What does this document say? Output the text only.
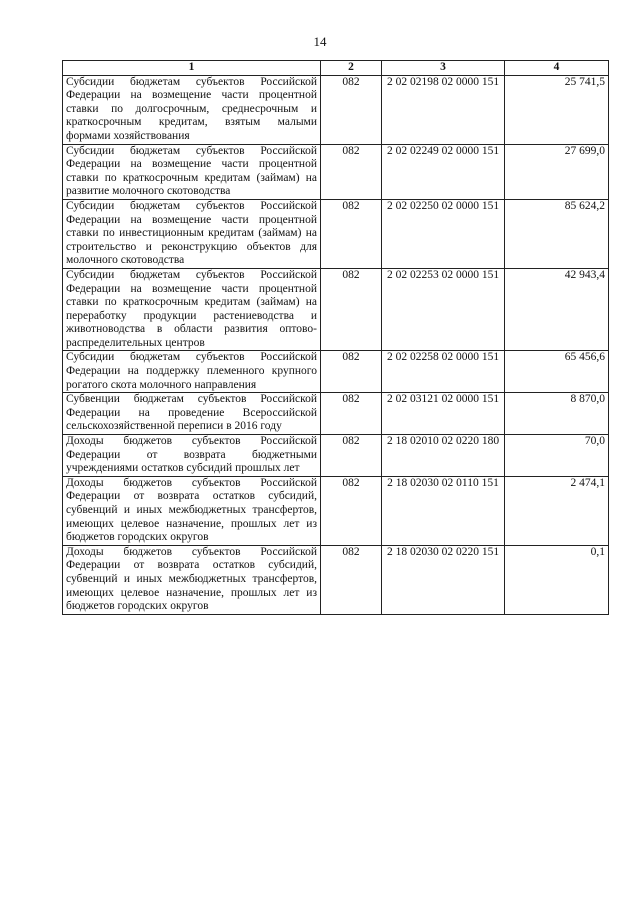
14
1	2	3	4
Субсидии бюджетам субъектов Российской Федерации на возмещение части процентной ставки по долгосрочным, среднесрочным и краткосрочным кредитам, взятым малыми формами хозяйствования	082	2 02 02198 02 0000 151	25 741,5
Субсидии бюджетам субъектов Российской Федерации на возмещение части процентной ставки по краткосрочным кредитам (займам) на развитие молочного скотоводства	082	2 02 02249 02 0000 151	27 699,0
Субсидии бюджетам субъектов Российской Федерации на возмещение части процентной ставки по инвестиционным кредитам (займам) на строительство и реконструкцию объектов для молочного скотоводства	082	2 02 02250 02 0000 151	85 624,2
Субсидии бюджетам субъектов Российской Федерации на возмещение части процентной ставки по краткосрочным кредитам (займам) на переработку продукции растениеводства и животноводства в области развития оптово-распределительных центров	082	2 02 02253 02 0000 151	42 943,4
Субсидии бюджетам субъектов Российской Федерации на поддержку племенного крупного рогатого скота молочного направления	082	2 02 02258 02 0000 151	65 456,6
Субвенции бюджетам субъектов Российской Федерации на проведение Всероссийской сельскохозяйственной переписи в 2016 году	082	2 02 03121 02 0000 151	8 870,0
Доходы бюджетов субъектов Российской Федерации от возврата бюджетными учреждениями остатков субсидий прошлых лет	082	2 18 02010 02 0220 180	70,0
Доходы бюджетов субъектов Российской Федерации от возврата остатков субсидий, субвенций и иных межбюджетных трансфертов, имеющих целевое назначение, прошлых лет из бюджетов городских округов	082	2 18 02030 02 0110 151	2 474,1
Доходы бюджетов субъектов Российской Федерации от возврата остатков субсидий, субвенций и иных межбюджетных трансфертов, имеющих целевое назначение, прошлых лет из бюджетов городских округов	082	2 18 02030 02 0220 151	0,1
